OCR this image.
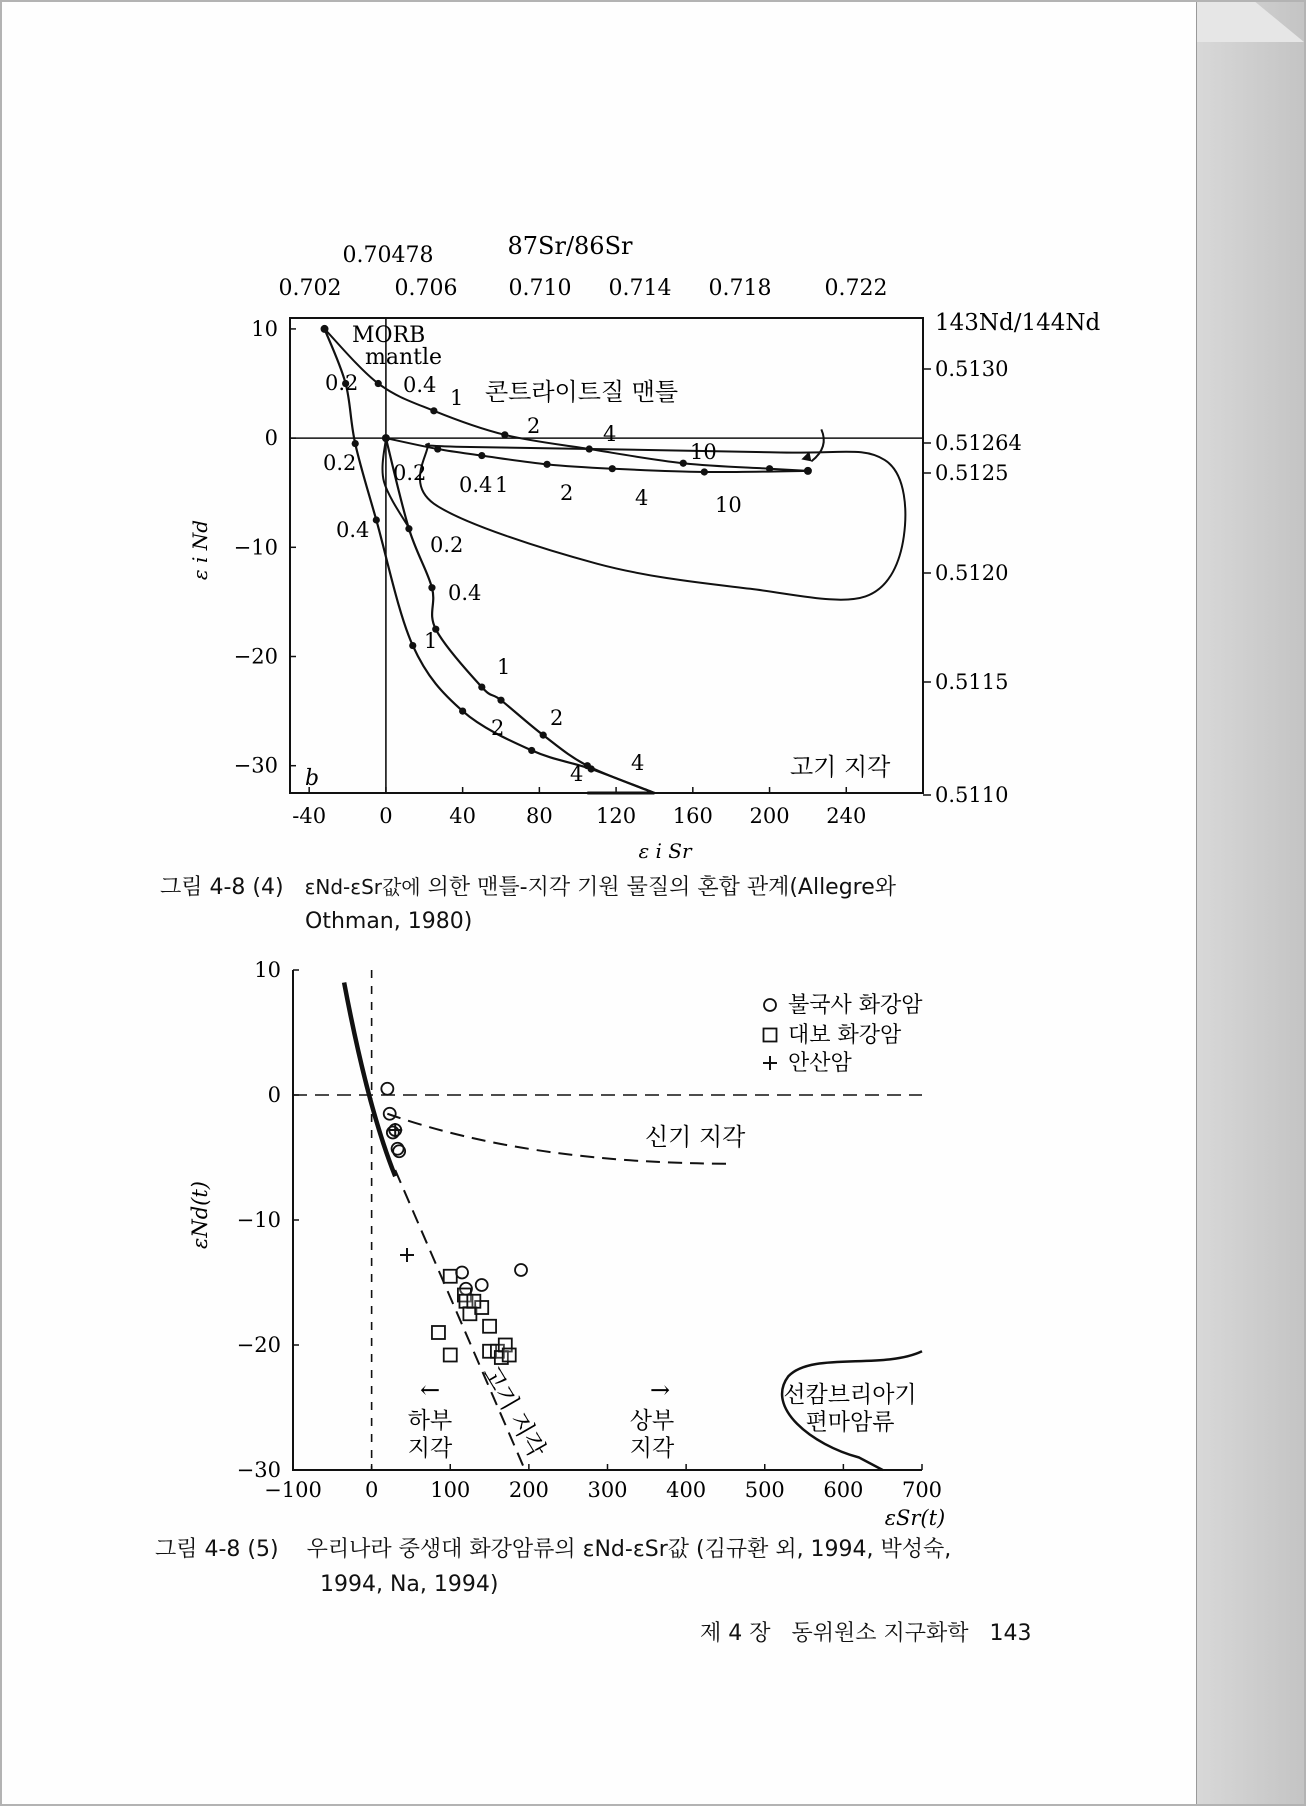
-40	0	40 80 120 160 200 240
10
0
−10
−20
−30
0.702 0.706 0.710 0.714 0.718 0.722
0.70478	87Sr/86Sr
0.5130
0.51264
0.5125
0.5120
0.5115
0.5110
143Nd/144Nd
ε i Sr
ε i Nd
MORB
mantle
콘트라이트질 맨틀
고기 지각
b
0.2 0.4
1
2	4
10
0.2 0.4 1 2	4	10
0.2
0.4
0.2
0.4
1
2
1
2
4 4
그림 4-8 (4) εNd-εSr값에 의한 맨틀-지각 기원 물질의 혼합 관계(Allegre와
Othman, 1980)
−100 0 100 200 300 400 500 600 700
10
0
−10
−20
−30
εSr(t)
εNd(t)
신기 지각
고기 지각
←
하부 지각
→
상부 지각
선캄브리아기 편마암류
불국사 화강암
대보 화강암
안산암
그림 4-8 (5) 우리나라 중생대 화강암류의 εNd-εSr값 (김규환 외, 1994, 박성숙,
1994, Na, 1994)
제 4 장 동위원소 지구화학 143
